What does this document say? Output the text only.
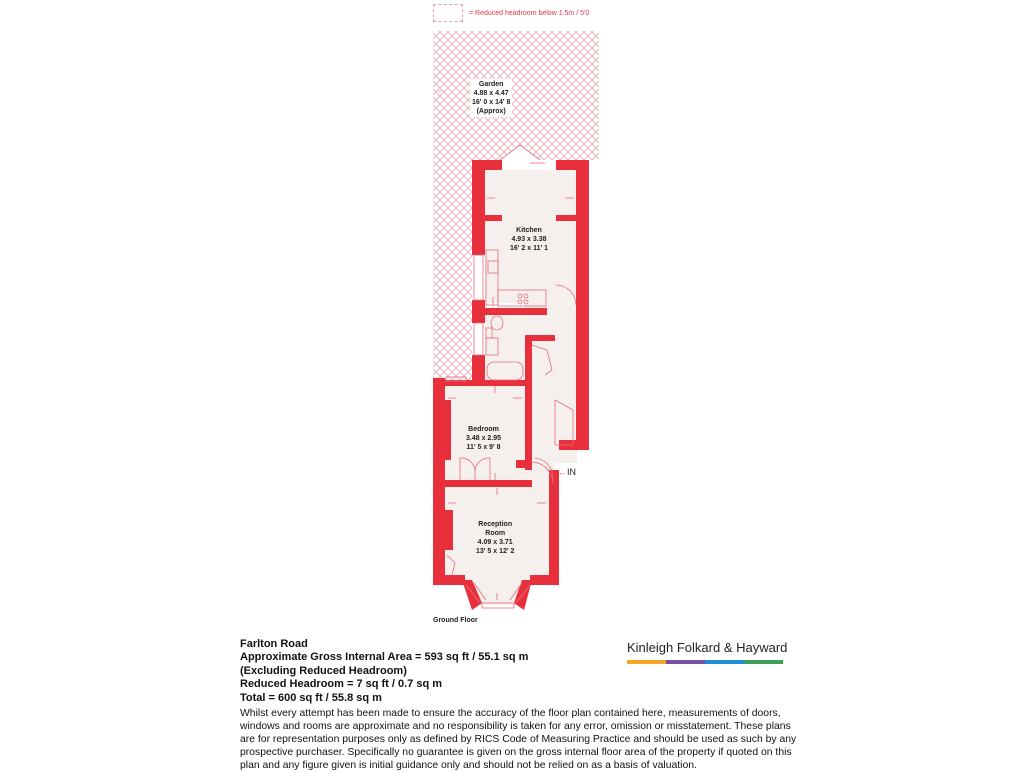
= Reduced headroom below 1.5m / 5'0
Garden
4.88 x 4.47
16' 0 x 14' 8
(Approx)
Kitchen
4.93 x 3.38
16' 2 x 11' 1
Bedroom
3.48 x 2.95
11' 5 x 9' 8
Reception
Room
4.09 x 3.71
13' 5 x 12' 2
←IN
Ground Floor
Farlton Road
Approximate Gross Internal Area = 593 sq ft / 55.1 sq m
(Excluding Reduced Headroom)
Reduced Headroom = 7 sq ft / 0.7 sq m
Total = 600 sq ft / 55.8 sq m
Whilst every attempt has been made to ensure the accuracy of the floor plan contained here, measurements of doors, windows and rooms are approximate and no responsibility is taken for any error, omission or misstatement. These plans are for representation purposes only as defined by RICS Code of Measuring Practice and should be used as such by any prospective purchaser. Specifically no guarantee is given on the gross internal floor area of the property if quoted on this plan and any figure given is initial guidance only and should not be relied on as a basis of valuation.
Kinleigh Folkard & Hayward
